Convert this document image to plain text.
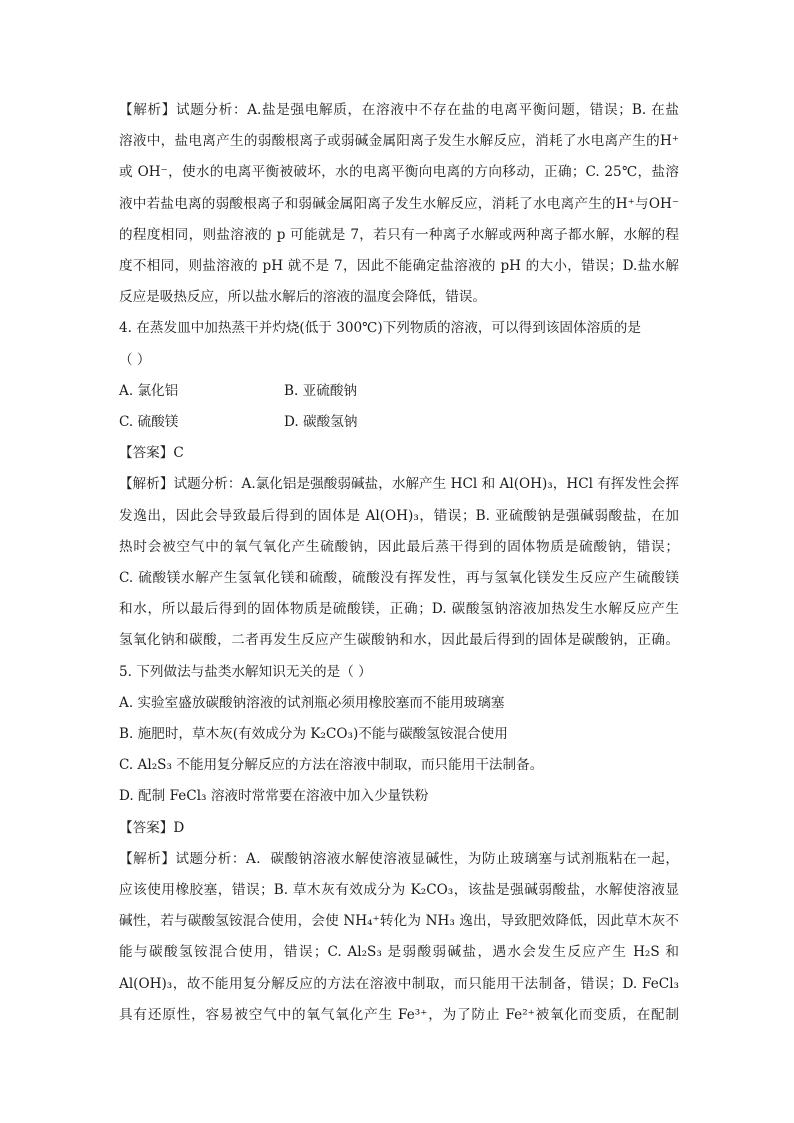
【解析】试题分析：A.盐是强电解质，在溶液中不存在盐的电离平衡问题，错误；B. 在盐

溶液中，盐电离产生的弱酸根离子或弱碱金属阳离子发生水解反应，消耗了水电离产生的H⁺

或 OH⁻，使水的电离平衡被破坏，水的电离平衡向电离的方向移动，正确；C. 25℃，盐溶

液中若盐电离的弱酸根离子和弱碱金属阳离子发生水解反应，消耗了水电离产生的H⁺与OH⁻

的程度相同，则盐溶液的 p 可能就是 7，若只有一种离子水解或两种离子都水解，水解的程

度不相同，则盐溶液的 pH 就不是 7，因此不能确定盐溶液的 pH 的大小，错误；D.盐水解

反应是吸热反应，所以盐水解后的溶液的温度会降低，错误。

4. 在蒸发皿中加热蒸干并灼烧(低于 300℃)下列物质的溶液，可以得到该固体溶质的是

（ ）

A. 氯化铝	B. 亚硫酸钠
C. 硫酸镁	D. 碳酸氢钠

【答案】C

【解析】试题分析：A.氯化铝是强酸弱碱盐，水解产生 HCl 和 Al(OH)₃，HCl 有挥发性会挥

发逸出，因此会导致最后得到的固体是 Al(OH)₃，错误；B. 亚硫酸钠是强碱弱酸盐，在加

热时会被空气中的氧气氧化产生硫酸钠，因此最后蒸干得到的固体物质是硫酸钠，错误；

C. 硫酸镁水解产生氢氧化镁和硫酸，硫酸没有挥发性，再与氢氧化镁发生反应产生硫酸镁

和水，所以最后得到的固体物质是硫酸镁，正确；D. 碳酸氢钠溶液加热发生水解反应产生

氢氧化钠和碳酸，二者再发生反应产生碳酸钠和水，因此最后得到的固体是碳酸钠，正确。

5. 下列做法与盐类水解知识无关的是（ ）

A. 实验室盛放碳酸钠溶液的试剂瓶必须用橡胶塞而不能用玻璃塞

B. 施肥时，草木灰(有效成分为 K₂CO₃)不能与碳酸氢铵混合使用

C. Al₂S₃ 不能用复分解反应的方法在溶液中制取，而只能用干法制备。

D. 配制 FeCl₃ 溶液时常常要在溶液中加入少量铁粉

【答案】D

【解析】试题分析：A．碳酸钠溶液水解使溶液显碱性，为防止玻璃塞与试剂瓶粘在一起，

应该使用橡胶塞，错误；B. 草木灰有效成分为 K₂CO₃，该盐是强碱弱酸盐，水解使溶液显

碱性，若与碳酸氢铵混合使用，会使 NH₄⁺转化为 NH₃ 逸出，导致肥效降低，因此草木灰不

能与碳酸氢铵混合使用，错误；C. Al₂S₃ 是弱酸弱碱盐，遇水会发生反应产生 H₂S 和

Al(OH)₃，故不能用复分解反应的方法在溶液中制取，而只能用干法制备，错误；D. FeCl₃

具有还原性，容易被空气中的氧气氧化产生 Fe³⁺，为了防止 Fe²⁺被氧化而变质，在配制
